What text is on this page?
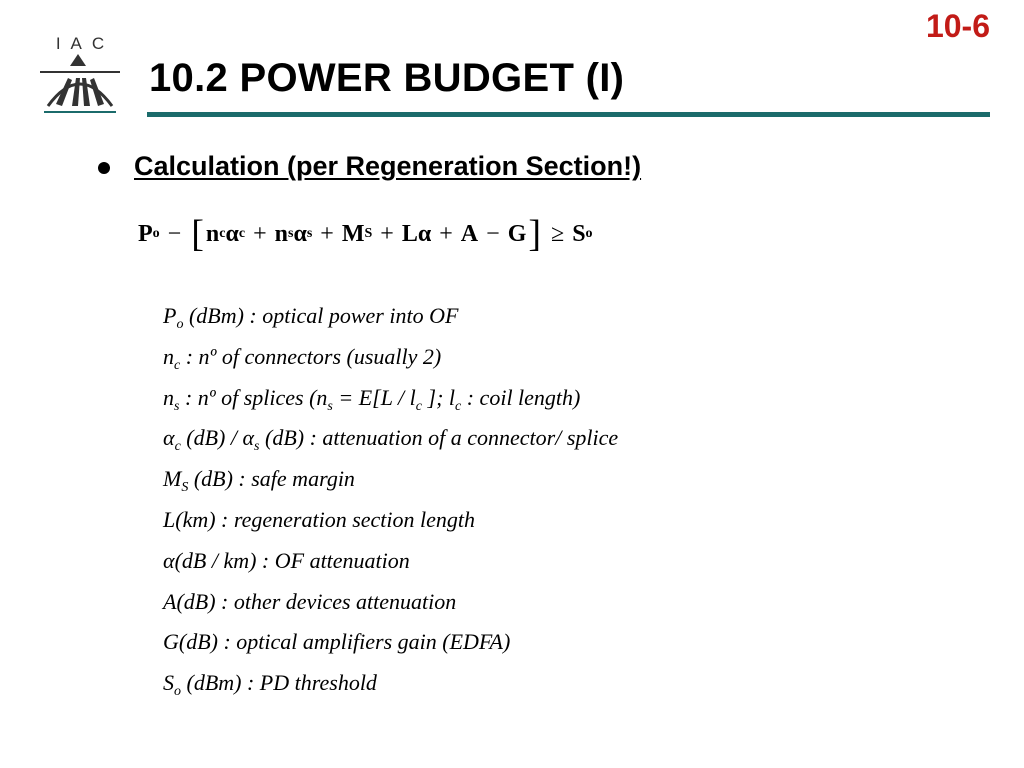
IAC	10-6
10.2 POWER BUDGET (I)
Calculation (per Regeneration Section!)
P o − [ n c α c + n s α s + M S + Lα + A − G ] ≥ S o
$P_o$ (dBm) : optical power into OF
$n_c$ : nº of connectors (usually 2)
$n_s$ : nº of splices ($n_s = E[L / l_c$ ]; $l_c$ : coil length)
$\alpha_c$ $(dB) / \alpha_s$ (dB) : attenuation of a connector/ splice
$M_S$ (dB) : safe margin
L(km) : regeneration section length
α(dB / km) : OF attenuation
A(dB) : other devices attenuation
G(dB) : optical amplifiers gain (EDFA)
$S_o$ (dBm) : PD threshold
